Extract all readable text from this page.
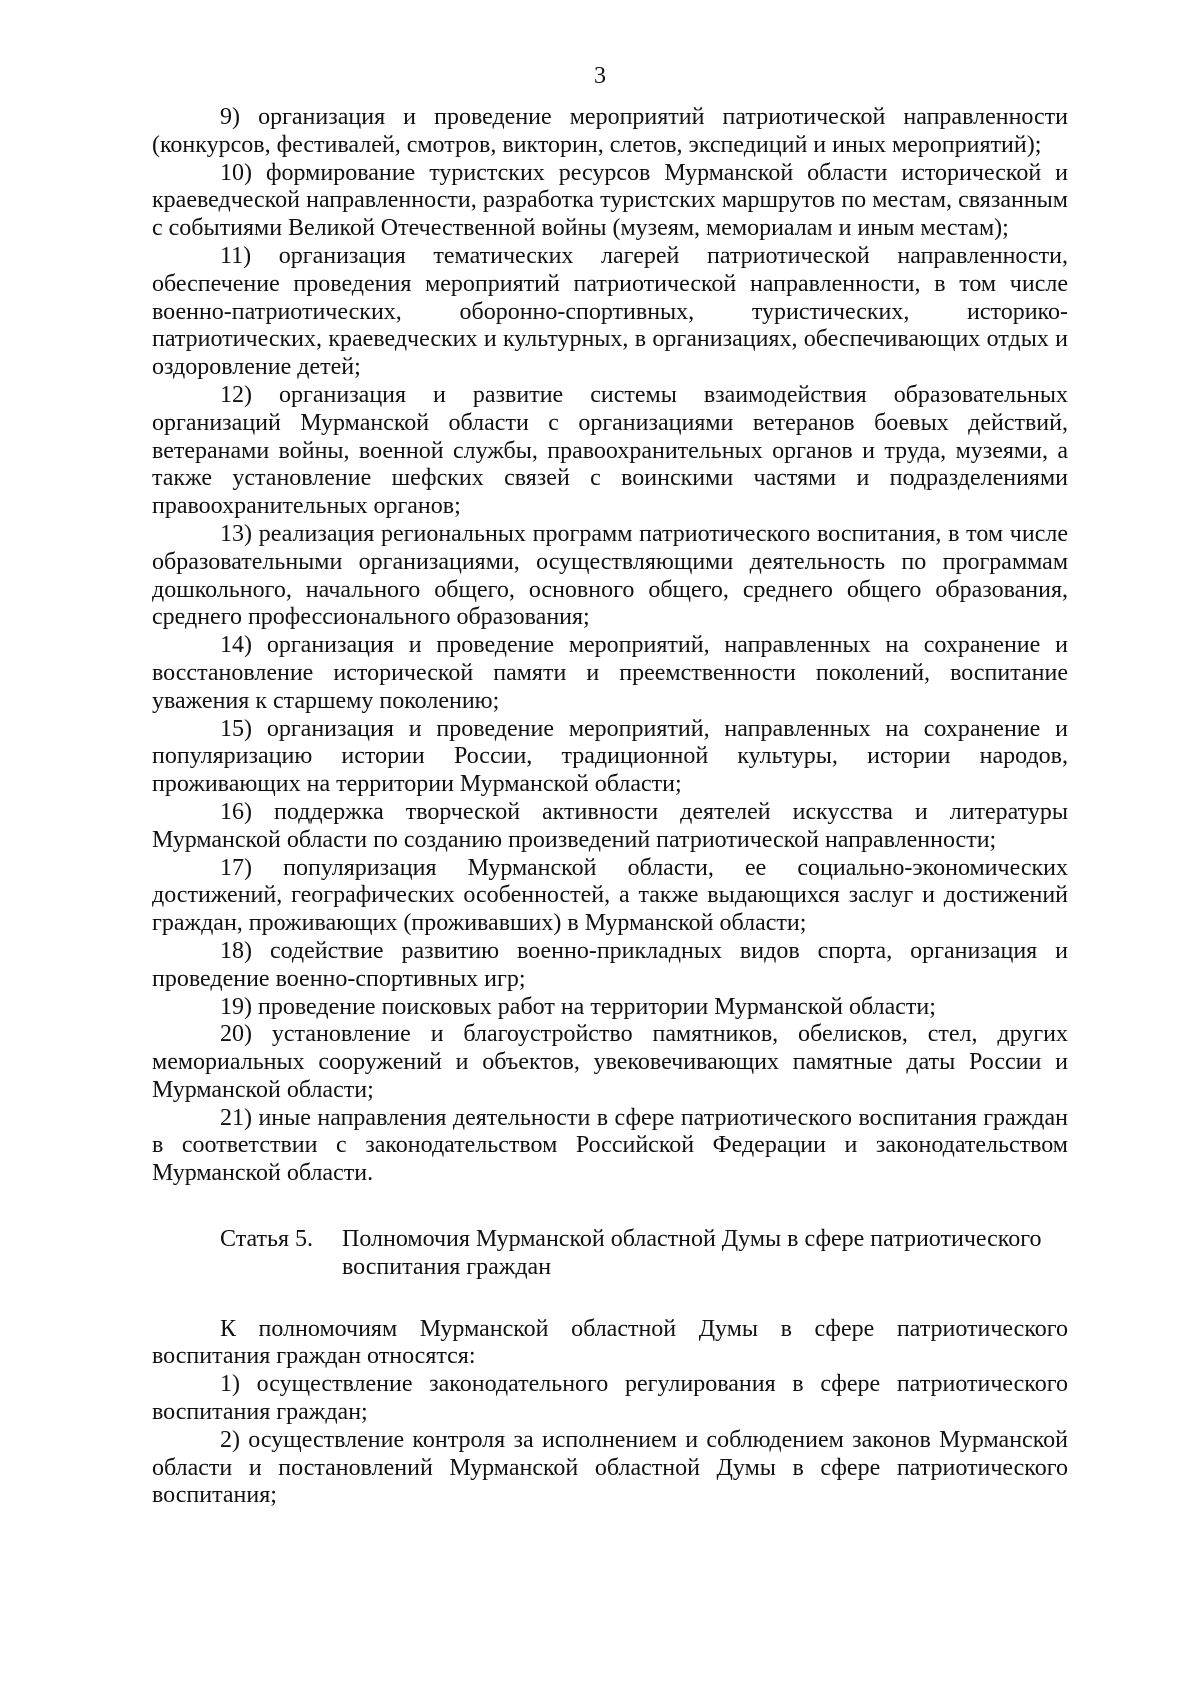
3

9) организация и проведение мероприятий патриотической направленности (конкурсов, фестивалей, смотров, викторин, слетов, экспедиций и иных мероприятий);

10) формирование туристских ресурсов Мурманской области исторической и краеведческой направленности, разработка туристских маршрутов по местам, связанным с событиями Великой Отечественной войны (музеям, мемориалам и иным местам);

11) организация тематических лагерей патриотической направленности, обеспечение проведения мероприятий патриотической направленности, в том числе военно-патриотических, оборонно-спортивных, туристических, историко-патриотических, краеведческих и культурных, в организациях, обеспечивающих отдых и оздоровление детей;

12) организация и развитие системы взаимодействия образовательных организаций Мурманской области с организациями ветеранов боевых действий, ветеранами войны, военной службы, правоохранительных органов и труда, музеями, а также установление шефских связей с воинскими частями и подразделениями правоохранительных органов;

13) реализация региональных программ патриотического воспитания, в том числе образовательными организациями, осуществляющими деятельность по программам дошкольного, начального общего, основного общего, среднего общего образования, среднего профессионального образования;

14) организация и проведение мероприятий, направленных на сохранение и восстановление исторической памяти и преемственности поколений, воспитание уважения к старшему поколению;

15) организация и проведение мероприятий, направленных на сохранение и популяризацию истории России, традиционной культуры, истории народов, проживающих на территории Мурманской области;

16) поддержка творческой активности деятелей искусства и литературы Мурманской области по созданию произведений патриотической направленности;

17) популяризация Мурманской области, ее социально-экономических достижений, географических особенностей, а также выдающихся заслуг и достижений граждан, проживающих (проживавших) в Мурманской области;

18) содействие развитию военно-прикладных видов спорта, организация и проведение военно-спортивных игр;

19) проведение поисковых работ на территории Мурманской области;

20) установление и благоустройство памятников, обелисков, стел, других мемориальных сооружений и объектов, увековечивающих памятные даты России и Мурманской области;

21) иные направления деятельности в сфере патриотического воспитания граждан в соответствии с законодательством Российской Федерации и законодательством Мурманской области.

Статья 5. Полномочия Мурманской областной Думы в сфере патриотического воспитания граждан

К полномочиям Мурманской областной Думы в сфере патриотического воспитания граждан относятся:

1) осуществление законодательного регулирования в сфере патриотического воспитания граждан;

2) осуществление контроля за исполнением и соблюдением законов Мурманской области и постановлений Мурманской областной Думы в сфере патриотического воспитания;
